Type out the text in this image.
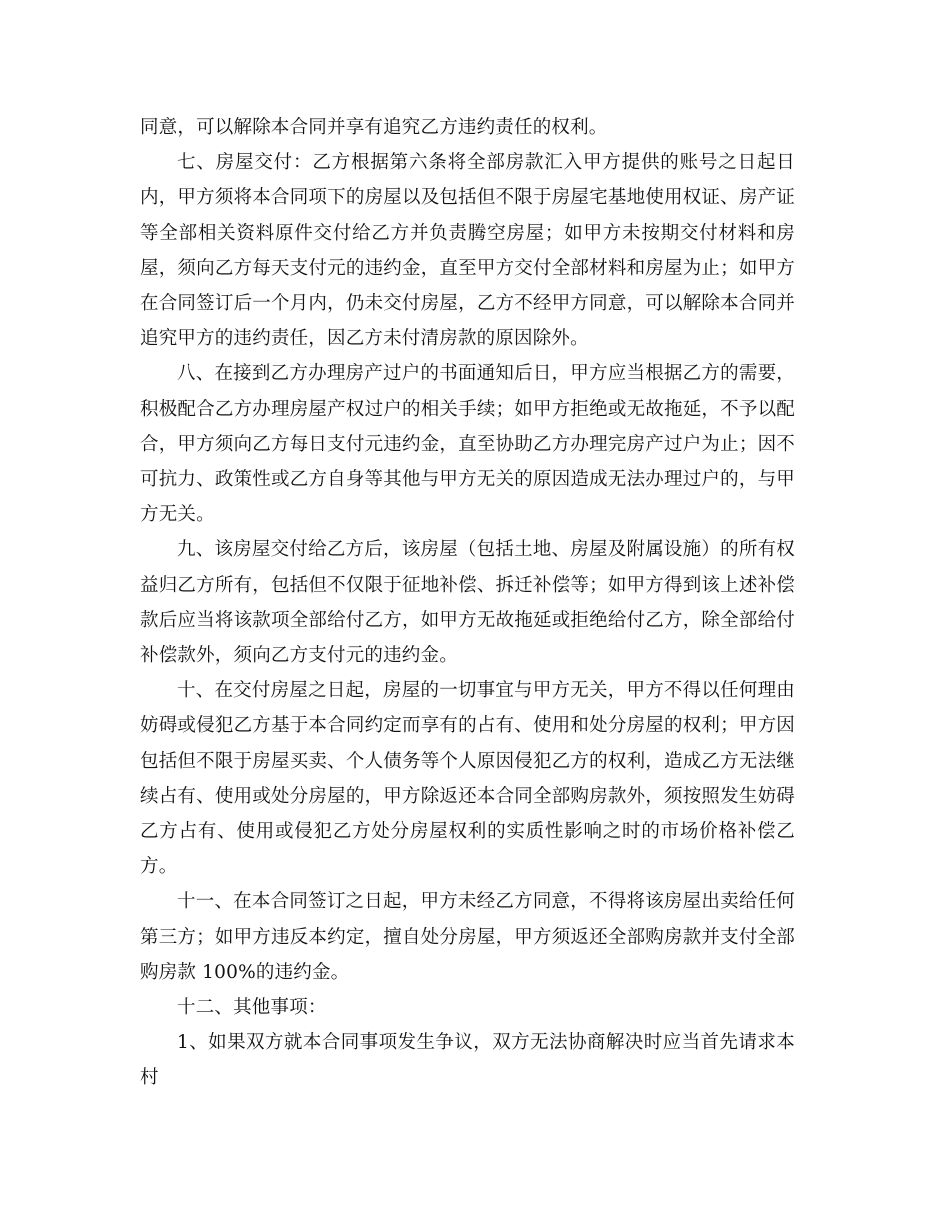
同意，可以解除本合同并享有追究乙方违约责任的权利。

七、房屋交付：乙方根据第六条将全部房款汇入甲方提供的账号之日起日内，甲方须将本合同项下的房屋以及包括但不限于房屋宅基地使用权证、房产证等全部相关资料原件交付给乙方并负责腾空房屋；如甲方未按期交付材料和房屋，须向乙方每天支付元的违约金，直至甲方交付全部材料和房屋为止；如甲方在合同签订后一个月内，仍未交付房屋，乙方不经甲方同意，可以解除本合同并追究甲方的违约责任，因乙方未付清房款的原因除外。

八、在接到乙方办理房产过户的书面通知后日，甲方应当根据乙方的需要，积极配合乙方办理房屋产权过户的相关手续；如甲方拒绝或无故拖延，不予以配合，甲方须向乙方每日支付元违约金，直至协助乙方办理完房产过户为止；因不可抗力、政策性或乙方自身等其他与甲方无关的原因造成无法办理过户的，与甲方无关。

九、该房屋交付给乙方后，该房屋（包括土地、房屋及附属设施）的所有权益归乙方所有，包括但不仅限于征地补偿、拆迁补偿等；如甲方得到该上述补偿款后应当将该款项全部给付乙方，如甲方无故拖延或拒绝给付乙方，除全部给付补偿款外，须向乙方支付元的违约金。

十、在交付房屋之日起，房屋的一切事宜与甲方无关，甲方不得以任何理由妨碍或侵犯乙方基于本合同约定而享有的占有、使用和处分房屋的权利；甲方因包括但不限于房屋买卖、个人债务等个人原因侵犯乙方的权利，造成乙方无法继续占有、使用或处分房屋的，甲方除返还本合同全部购房款外，须按照发生妨碍乙方占有、使用或侵犯乙方处分房屋权利的实质性影响之时的市场价格补偿乙方。

十一、在本合同签订之日起，甲方未经乙方同意，不得将该房屋出卖给任何第三方；如甲方违反本约定，擅自处分房屋，甲方须返还全部购房款并支付全部购房款 100%的违约金。

十二、其他事项：

1、如果双方就本合同事项发生争议，双方无法协商解决时应当首先请求本村
